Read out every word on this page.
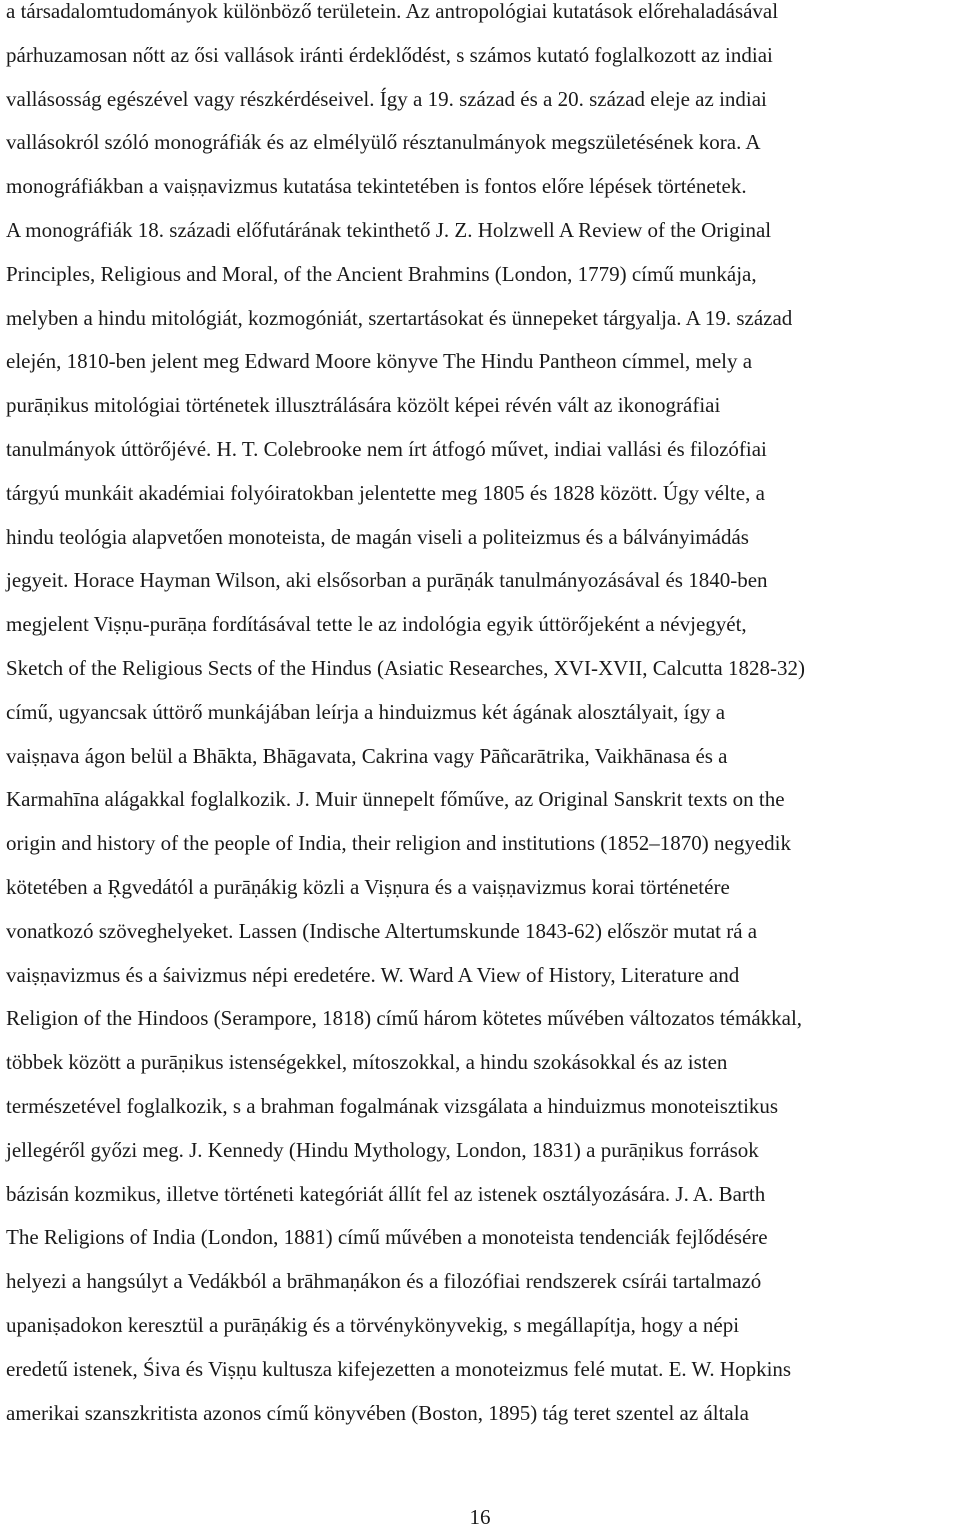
a társadalomtudományok különböző területein. Az antropológiai kutatások előrehaladásával
párhuzamosan nőtt az ősi vallások iránti érdeklődést, s számos kutató foglalkozott az indiai
vallásosság egészével vagy részkérdéseivel. Így a 19. század és a 20. század eleje az indiai
vallásokról szóló monográfiák és az elmélyülő résztanulmányok megszületésének kora. A
monográfiákban a vaiṣṇavizmus kutatása tekintetében is fontos előre lépések történetek.
A monográfiák 18. századi előfutárának tekinthető J. Z. Holzwell A Review of the Original
Principles, Religious and Moral, of the Ancient Brahmins (London, 1779) című munkája,
melyben a hindu mitológiát, kozmogóniát, szertartásokat és ünnepeket tárgyalja. A 19. század
elején, 1810-ben jelent meg Edward Moore könyve The Hindu Pantheon címmel, mely a
purāṇikus mitológiai történetek illusztrálására közölt képei révén vált az ikonográfiai
tanulmányok úttörőjévé. H. T. Colebrooke nem írt átfogó művet, indiai vallási és filozófiai
tárgyú munkáit akadémiai folyóiratokban jelentette meg 1805 és 1828 között. Úgy vélte, a
hindu teológia alapvetően monoteista, de magán viseli a politeizmus és a bálványimádás
jegyeit. Horace Hayman Wilson, aki elsősorban a purāṇák tanulmányozásával és 1840-ben
megjelent Viṣṇu-purāṇa fordításával tette le az indológia egyik úttörőjeként a névjegyét,
Sketch of the Religious Sects of the Hindus (Asiatic Researches, XVI-XVII, Calcutta 1828-32)
című, ugyancsak úttörő munkájában leírja a hinduizmus két ágának alosztályait, így a
vaiṣṇava ágon belül a Bhākta, Bhāgavata, Cakrina vagy Pāñcarātrika, Vaikhānasa és a
Karmahīna alágakkal foglalkozik. J. Muir ünnepelt főműve, az Original Sanskrit texts on the
origin and history of the people of India, their religion and institutions (1852–1870) negyedik
kötetében a Ṛgvedától a purāṇákig közli a Viṣṇura és a vaiṣṇavizmus korai történetére
vonatkozó szöveghelyeket. Lassen (Indische Altertumskunde 1843-62) először mutat rá a
vaiṣṇavizmus és a śaivizmus népi eredetére. W. Ward A View of History, Literature and
Religion of the Hindoos (Serampore, 1818) című három kötetes művében változatos témákkal,
többek között a purāṇikus istenségekkel, mítoszokkal, a hindu szokásokkal és az isten
természetével foglalkozik, s a brahman fogalmának vizsgálata a hinduizmus monoteisztikus
jellegéről győzi meg. J. Kennedy (Hindu Mythology, London, 1831) a purāṇikus források
bázisán kozmikus, illetve történeti kategóriát állít fel az istenek osztályozására. J. A. Barth
The Religions of India (London, 1881) című művében a monoteista tendenciák fejlődésére
helyezi a hangsúlyt a Vedákból a brāhmaṇákon és a filozófiai rendszerek csírái tartalmazó
upaniṣadokon keresztül a purāṇákig és a törvénykönyvekig, s megállapítja, hogy a népi
eredetű istenek, Śiva és Viṣṇu kultusza kifejezetten a monoteizmus felé mutat. E. W. Hopkins
amerikai szanszkritista azonos című könyvében (Boston, 1895) tág teret szentel az általa
16
